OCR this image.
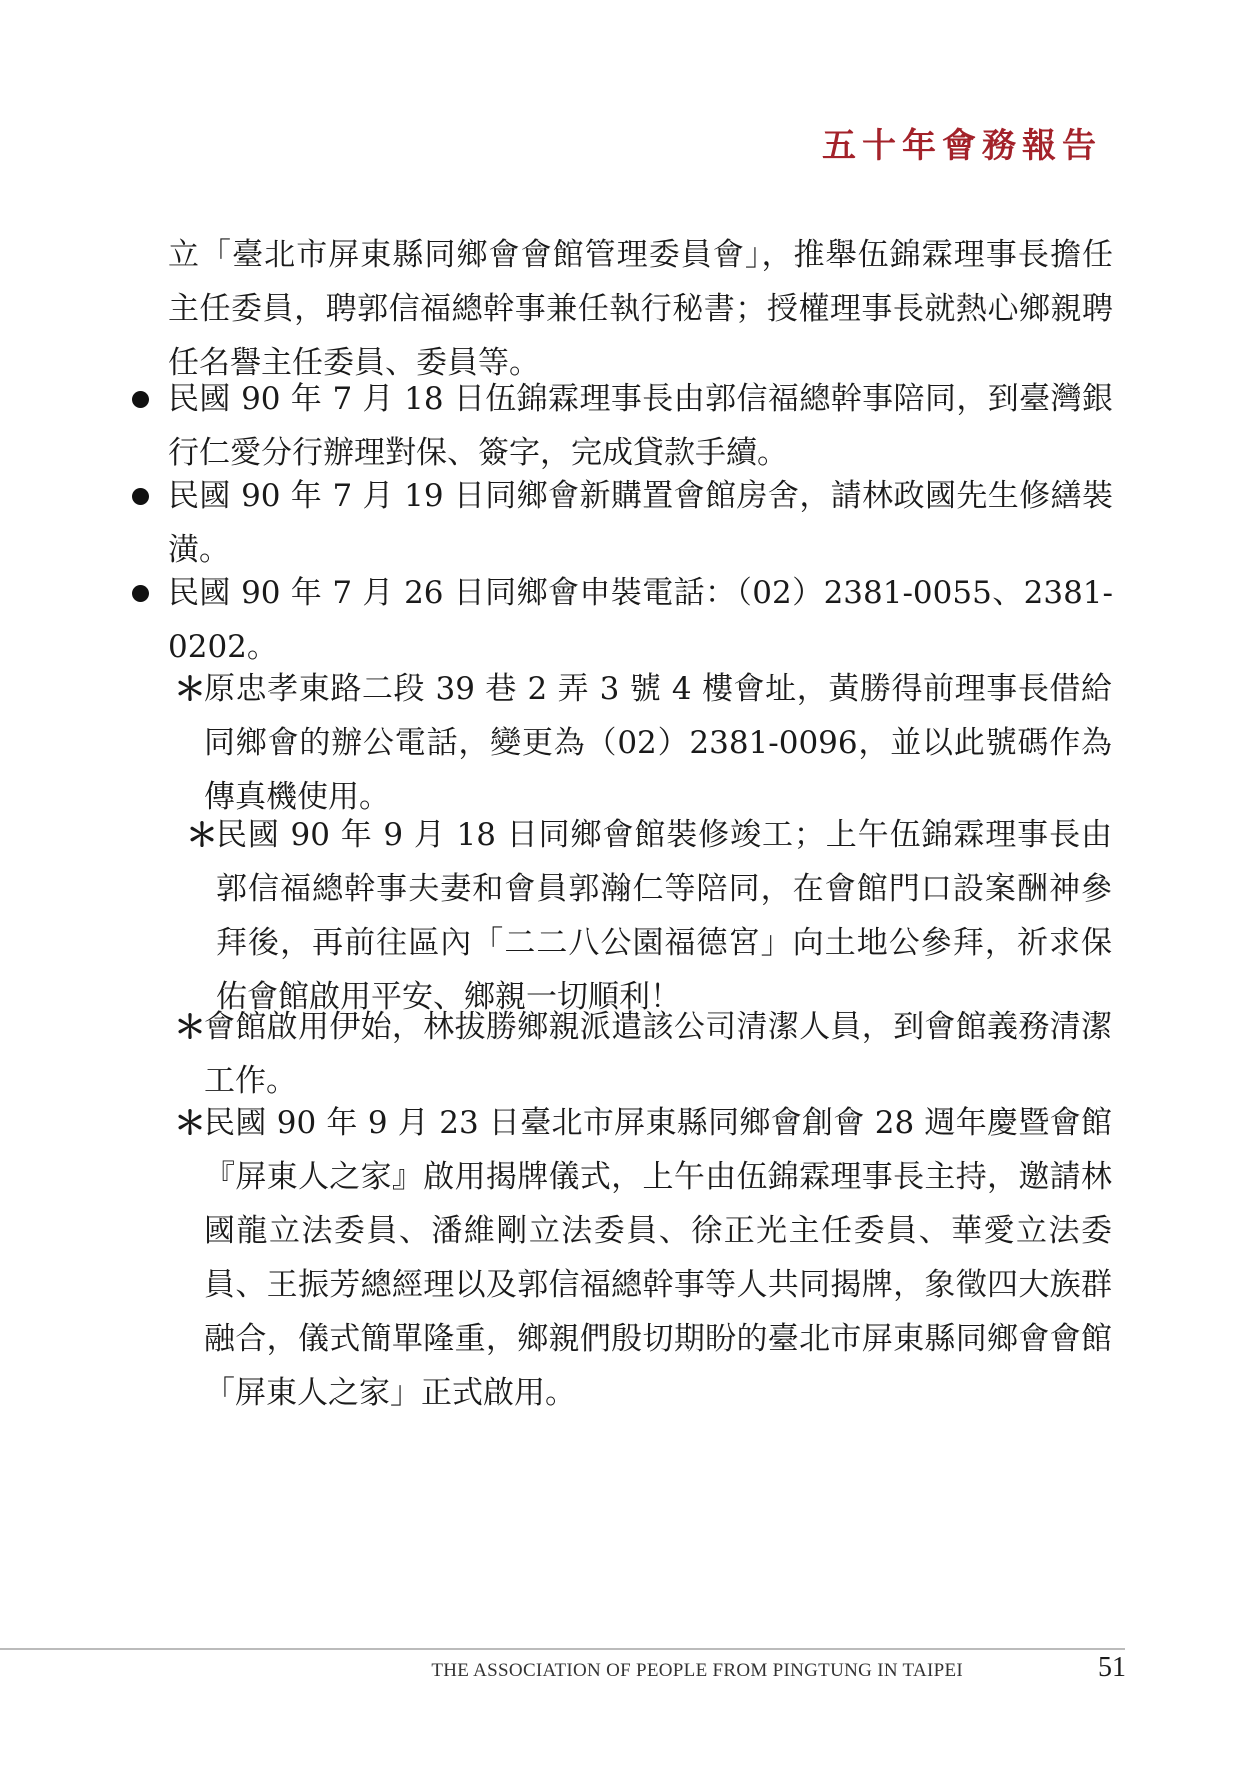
五十年會務報告

立「臺北市屏東縣同鄉會會館管理委員會」，推舉伍錦霖理事長擔任主任委員，聘郭信福總幹事兼任執行秘書；授權理事長就熱心鄉親聘任名譽主任委員、委員等。

民國 90 年 7 月 18 日伍錦霖理事長由郭信福總幹事陪同，到臺灣銀行仁愛分行辦理對保、簽字，完成貸款手續。

民國 90 年 7 月 19 日同鄉會新購置會館房舍，請林政國先生修繕裝潢。

民國 90 年 7 月 26 日同鄉會申裝電話：（02）2381-0055、2381-0202。

＊

原忠孝東路二段 39 巷 2 弄 3 號 4 樓會址，黃勝得前理事長借給同鄉會的辦公電話，變更為（02）2381-0096，並以此號碼作為傳真機使用。

＊

民國 90 年 9 月 18 日同鄉會館裝修竣工；上午伍錦霖理事長由郭信福總幹事夫妻和會員郭瀚仁等陪同，在會館門口設案酬神參拜後，再前往區內「二二八公園福德宮」向土地公參拜，祈求保佑會館啟用平安、鄉親一切順利！

＊

會館啟用伊始，林拔勝鄉親派遣該公司清潔人員，到會館義務清潔工作。

＊

民國 90 年 9 月 23 日臺北市屏東縣同鄉會創會 28 週年慶暨會館『屏東人之家』啟用揭牌儀式，上午由伍錦霖理事長主持，邀請林國龍立法委員、潘維剛立法委員、徐正光主任委員、華愛立法委員、王振芳總經理以及郭信福總幹事等人共同揭牌，象徵四大族群融合，儀式簡單隆重，鄉親們殷切期盼的臺北市屏東縣同鄉會會館「屏東人之家」正式啟用。

THE ASSOCIATION OF PEOPLE FROM PINGTUNG IN TAIPEI	51
